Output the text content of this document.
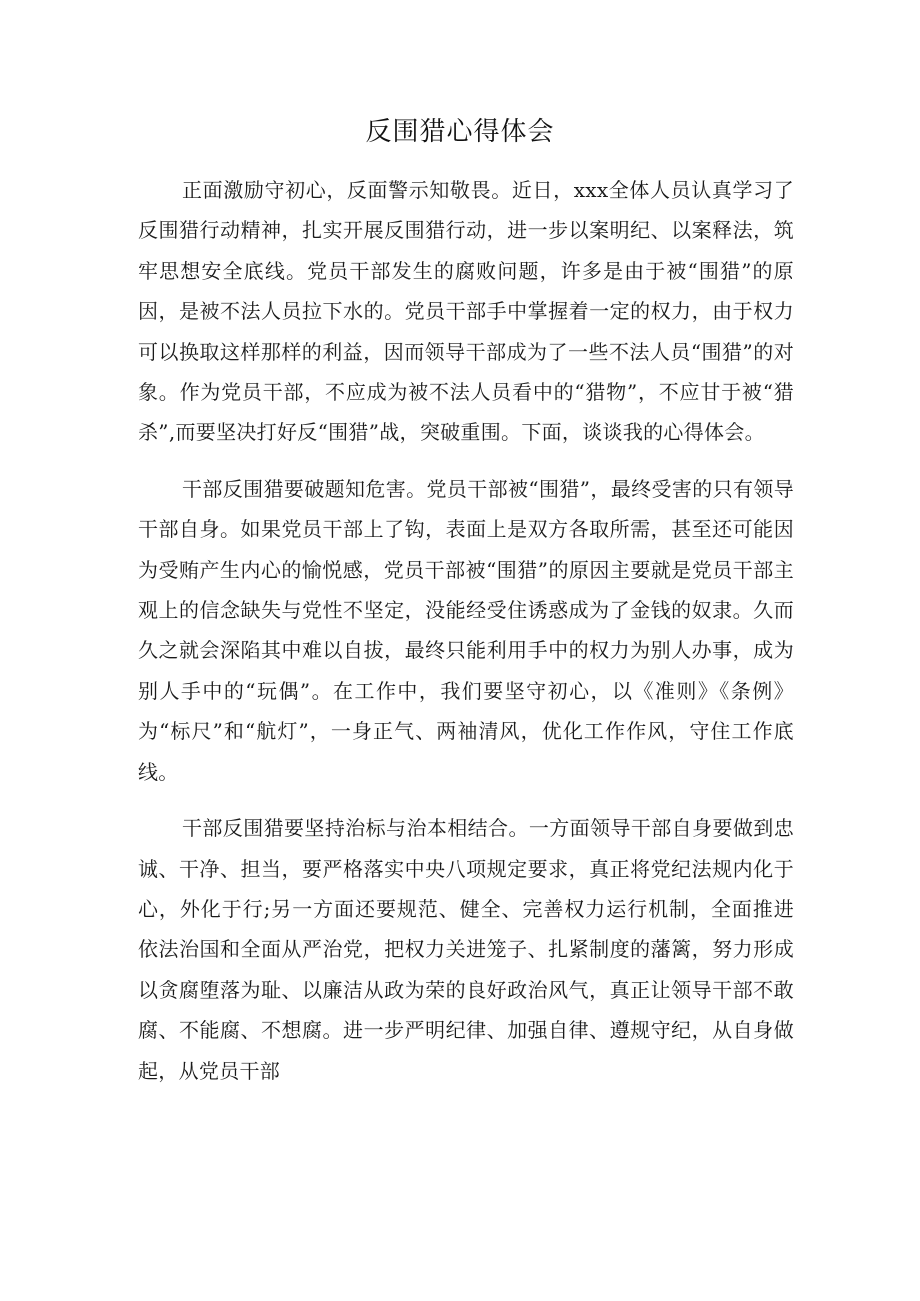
反围猎心得体会

正面激励守初心，反面警示知敬畏。近日，xxx全体人员认真学习了反围猎行动精神，扎实开展反围猎行动，进一步以案明纪、以案释法，筑牢思想安全底线。党员干部发生的腐败问题，许多是由于被“围猎”的原因，是被不法人员拉下水的。党员干部手中掌握着一定的权力，由于权力可以换取这样那样的利益，因而领导干部成为了一些不法人员“围猎”的对象。作为党员干部，不应成为被不法人员看中的“猎物”，不应甘于被“猎杀”,而要坚决打好反“围猎”战，突破重围。下面，谈谈我的心得体会。

干部反围猎要破题知危害。党员干部被“围猎”，最终受害的只有领导干部自身。如果党员干部上了钩，表面上是双方各取所需，甚至还可能因为受贿产生内心的愉悦感，党员干部被“围猎”的原因主要就是党员干部主观上的信念缺失与党性不坚定，没能经受住诱惑成为了金钱的奴隶。久而久之就会深陷其中难以自拔，最终只能利用手中的权力为别人办事，成为别人手中的“玩偶”。在工作中，我们要坚守初心，以《准则》《条例》为“标尺”和“航灯”，一身正气、两袖清风，优化工作作风，守住工作底线。

干部反围猎要坚持治标与治本相结合。一方面领导干部自身要做到忠诚、干净、担当，要严格落实中央八项规定要求，真正将党纪法规内化于心，外化于行;另一方面还要规范、健全、完善权力运行机制，全面推进依法治国和全面从严治党，把权力关进笼子、扎紧制度的藩篱，努力形成以贪腐堕落为耻、以廉洁从政为荣的良好政治风气，真正让领导干部不敢腐、不能腐、不想腐。进一步严明纪律、加强自律、遵规守纪，从自身做起，从党员干部
